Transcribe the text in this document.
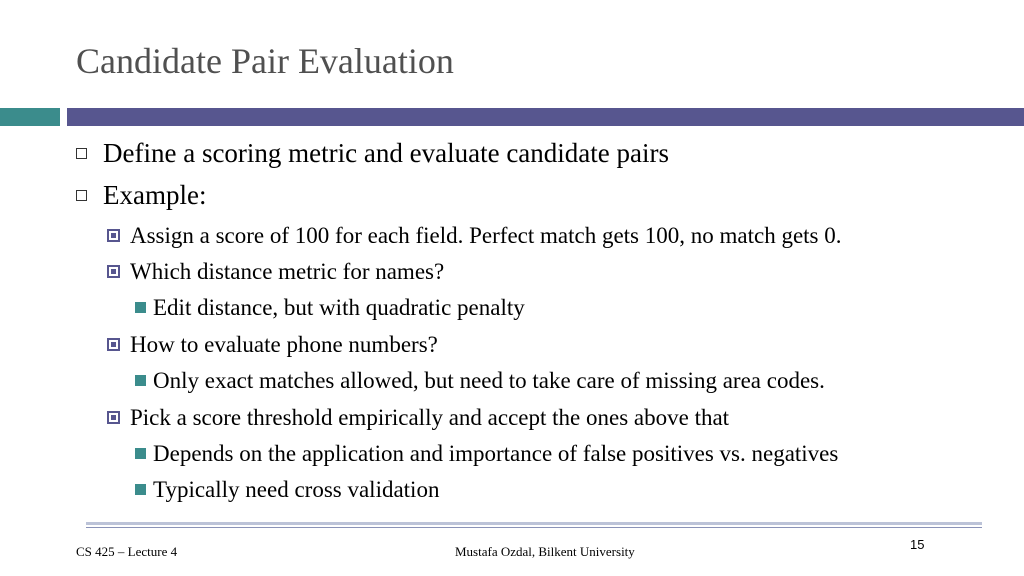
Candidate Pair Evaluation
Define a scoring metric and evaluate candidate pairs
Example:
Assign a score of 100 for each field. Perfect match gets 100, no match gets 0.
Which distance metric for names?
Edit distance, but with quadratic penalty
How to evaluate phone numbers?
Only exact matches allowed, but need to take care of missing area codes.
Pick a score threshold empirically and accept the ones above that
Depends on the application and importance of false positives vs. negatives
Typically need cross validation
CS 425 – Lecture 4	Mustafa Ozdal, Bilkent University	15
